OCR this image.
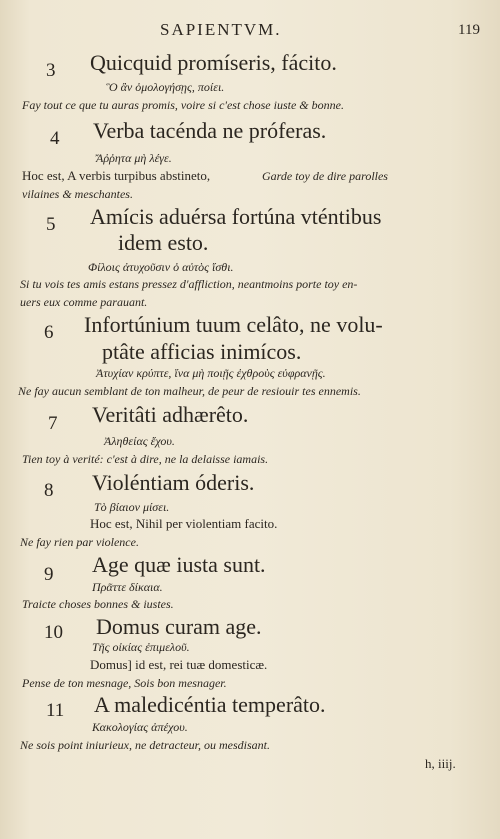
SAPIENTVM.	119
3 Quicquid promíseris, fácito.
Ὃ ἂν ὁμολογήσῃς, ποίει.
Fay tout ce que tu auras promis, voire si c'est chose iuste & bonne.
4 Verba tacénda ne próferas.
Ἄῤῥητα μὴ λέγε.
Hoc est, A verbis turpibus abstineto,	Garde toy de dire parolles
vilaines & meschantes.
5 Amícis aduérsa fortúna vténtibus
idem esto.
Φίλοις ἀτυχοῦσιν ὁ αὐτὸς ἴσθι.
Si tu vois tes amis estans pressez d'affliction, neantmoins porte toy en-
uers eux comme parauant.
6 Infortúnium tuum celâto, ne volu-
ptâte afficias inimícos.
Ἀτυχίαν κρύπτε, ἵνα μὴ ποιῇς ἐχθροὺς εὐφρανῇς.
Ne fay aucun semblant de ton malheur, de peur de resiouir tes ennemis.
7 Veritâti adhærêto.
Ἀληθείας ἔχου.
Tien toy à verité: c'est à dire, ne la delaisse iamais.
8 Violéntiam óderis.
Τὸ βίαιον μίσει.
Hoc est, Nihil per violentiam facito.
Ne fay rien par violence.
9 Age quæ iusta sunt.
Πρᾶττε δίκαια.
Traicte choses bonnes & iustes.
10 Domus curam age.
Τῆς οἰκίας ἐπιμελοῦ.
Domus] id est, rei tuæ domesticæ.
Pense de ton mesnage, Sois bon mesnager.
11 A maledicéntia temperâto.
Κακολογίας ἀπέχου.
Ne sois point iniurieux, ne detracteur, ou mesdisant.
h, iiij.
